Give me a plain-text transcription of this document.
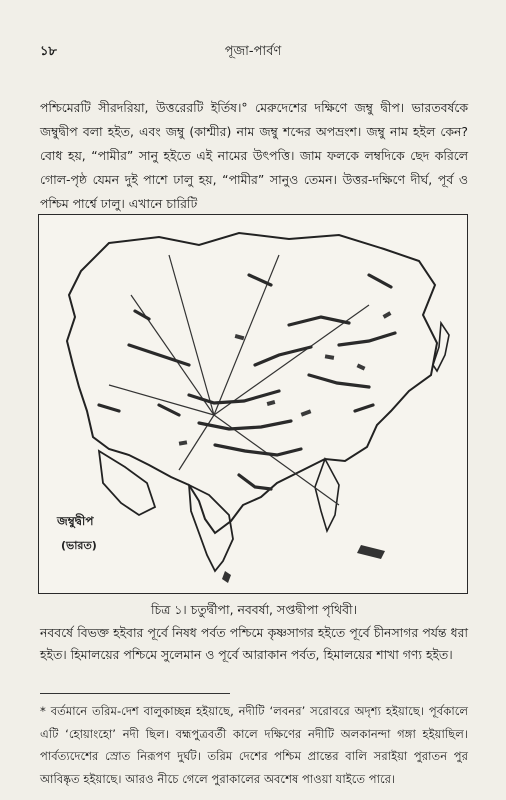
১৮	পূজা-পার্বণ

পশ্চিমেরটি সীরদরিয়া, উত্তরেরটি ইর্তিষ।° মেরুদেশের দক্ষিণে জম্বু দ্বীপ। ভারতবর্ষকে জম্বুদ্বীপ বলা হইত, এবং জম্বু (কাশ্মীর) নাম জম্বু শব্দের অপভ্রংশ। জম্বু নাম হইল কেন? বোধ হয়, “পামীর” সানু হইতে এই নামের উৎপত্তি। জাম ফলকে লম্বদিকে ছেদ করিলে গোল-পৃষ্ঠ যেমন দুই পাশে ঢালু হয়, “পামীর” সানুও তেমন। উত্তর-দক্ষিণে দীর্ঘ, পূর্ব ও পশ্চিম পার্শ্বে ঢালু। এখানে চারিটি

জম্বুদ্বীপ
(ভারত)
চিত্র ১। চতুর্দ্বীপা, নববর্ষা, সপ্তদ্বীপা পৃথিবী।
নববর্ষে বিভক্ত হইবার পূর্বে নিষধ পর্বত পশ্চিমে কৃষ্ণসাগর হইতে পূর্বে চীনসাগর পর্যন্ত ধরা হইত। হিমালয়ের পশ্চিমে সুলেমান ও পূর্বে আরাকান পর্বত, হিমালয়ের শাখা গণ্য হইত।
* বর্তমানে তরিম-দেশ বালুকাচ্ছন্ন হইয়াছে, নদীটি ‘লবনর’ সরোবরে অদৃশ্য হইয়াছে। পূর্বকালে এটি ‘হোয়াংহো’ নদী ছিল। বহ্মপুত্রবর্তী কালে দক্ষিণের নদীটি অলকানন্দা গঙ্গা হইয়াছিল। পার্বত্যদেশের স্রোত নিরূপণ দুর্ঘট। তরিম দেশের পশ্চিম প্রান্তের বালি সরাইয়া পুরাতন পুর আবিষ্কৃত হইয়াছে। আরও নীচে গেলে পুরাকালের অবশেষ পাওয়া যাইতে পারে।
